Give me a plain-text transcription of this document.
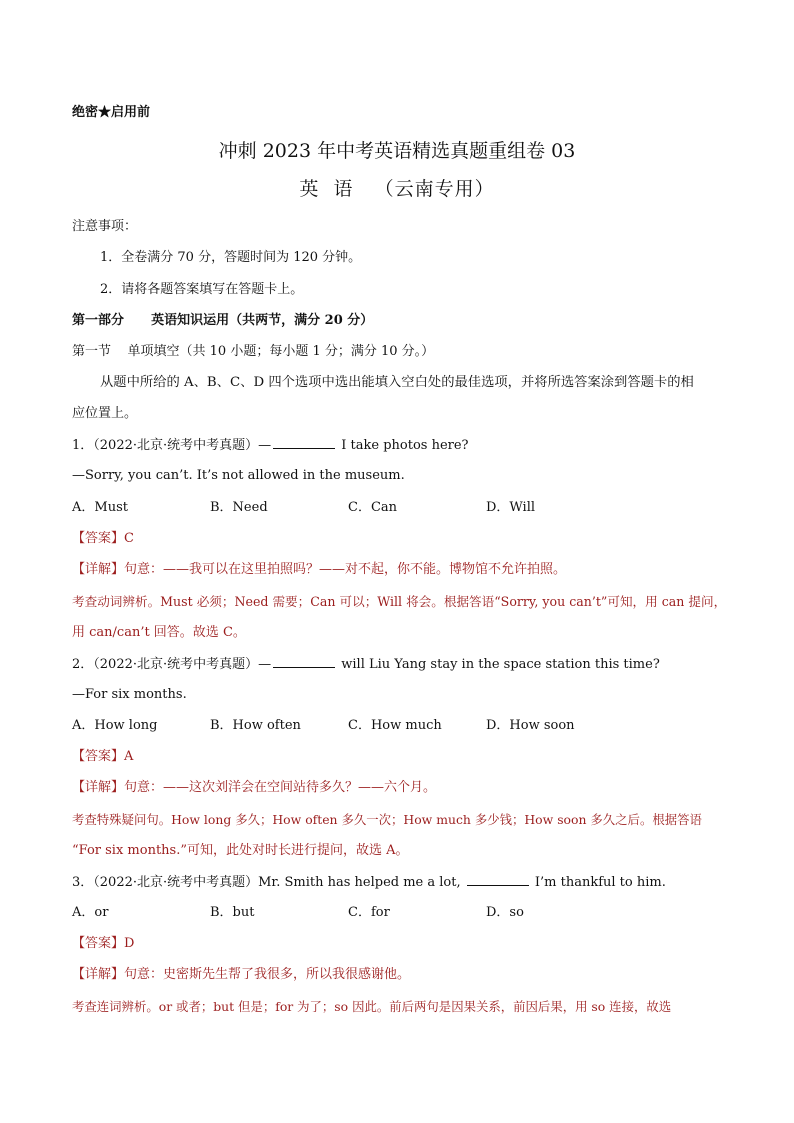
绝密★启用前
冲刺 2023 年中考英语精选真题重组卷 03
英  语   （云南专用）
注意事项：
1．全卷满分 70 分，答题时间为 120 分钟。
2．请将各题答案填写在答题卡上。
第一部分      英语知识运用（共两节，满分 20 分）
第一节    单项填空（共 10 小题；每小题 1 分；满分 10 分。）
从题中所给的 A、B、C、D 四个选项中选出能填入空白处的最佳选项，并将所选答案涂到答题卡的相
应位置上。
1．（2022·北京·统考中考真题）—	I take photos here?
—Sorry, you can’t. It’s not allowed in the museum.
A．Must	B．Need	C．Can	D．Will
【答案】C
【详解】句意：——我可以在这里拍照吗？——对不起，你不能。博物馆不允许拍照。
考查动词辨析。Must 必须；Need 需要；Can 可以；Will 将会。根据答语“Sorry, you can’t”可知，用 can 提问，
用 can/can’t 回答。故选 C。
2．（2022·北京·统考中考真题）—	will Liu Yang stay in the space station this time?
—For six months.
A．How long	B．How often	C．How much	D．How soon
【答案】A
【详解】句意：——这次刘洋会在空间站待多久？——六个月。
考查特殊疑问句。How long 多久；How often 多久一次；How much 多少钱；How soon 多久之后。根据答语
“For six months.”可知，此处对时长进行提问，故选 A。
3．（2022·北京·统考中考真题）Mr. Smith has helped me a lot,	I’m thankful to him.
A．or	B．but	C．for	D．so
【答案】D
【详解】句意：史密斯先生帮了我很多，所以我很感谢他。
考查连词辨析。or 或者；but 但是；for 为了；so 因此。前后两句是因果关系，前因后果，用 so 连接，故选
